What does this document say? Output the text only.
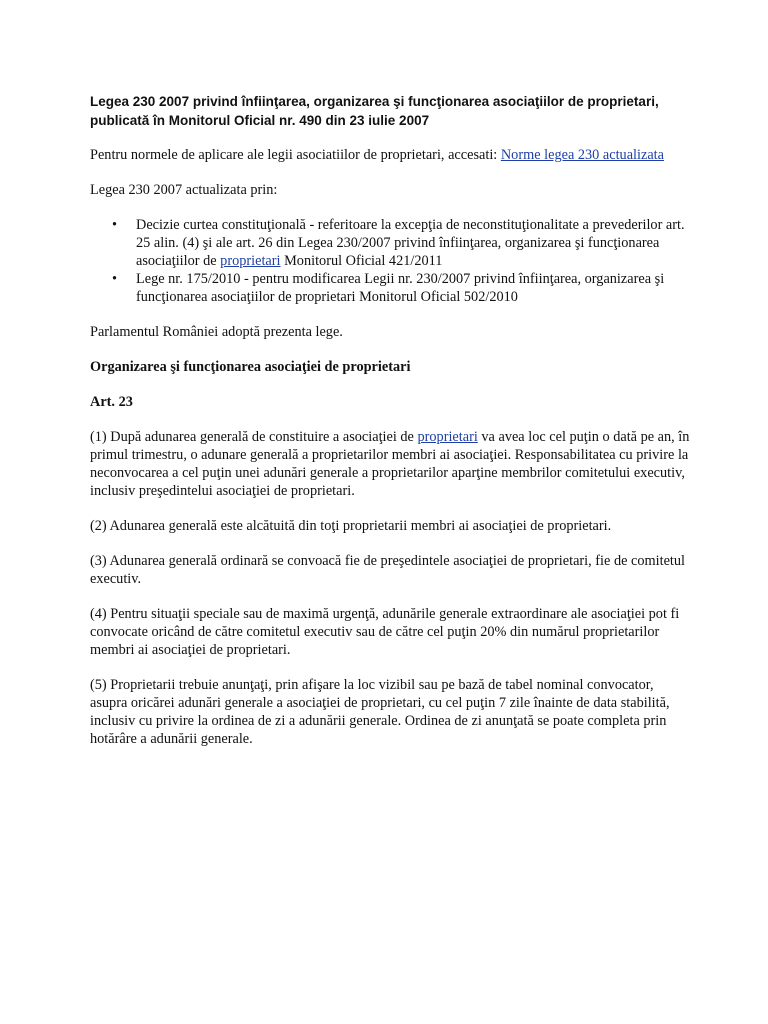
Legea 230 2007 privind înfiinţarea, organizarea şi funcţionarea asociaţiilor de proprietari, publicată în Monitorul Oficial nr. 490 din 23 iulie 2007
Pentru normele de aplicare ale legii asociatiilor de proprietari, accesati: Norme legea 230 actualizata
Legea 230 2007 actualizata prin:
• Decizie curtea constituţională - referitoare la excepţia de neconstituţionalitate a prevederilor art. 25 alin. (4) şi ale art. 26 din Legea 230/2007 privind înfiinţarea, organizarea şi funcţionarea asociaţiilor de proprietari Monitorul Oficial 421/2011
• Lege nr. 175/2010 - pentru modificarea Legii nr. 230/2007 privind înfiinţarea, organizarea şi funcţionarea asociaţiilor de proprietari Monitorul Oficial 502/2010
Parlamentul României adoptă prezenta lege.
Organizarea şi funcţionarea asociaţiei de proprietari
Art. 23
(1) După adunarea generală de constituire a asociaţiei de proprietari va avea loc cel puţin o dată pe an, în primul trimestru, o adunare generală a proprietarilor membri ai asociaţiei. Responsabilitatea cu privire la neconvocarea a cel puţin unei adunări generale a proprietarilor aparţine membrilor comitetului executiv, inclusiv preşedintelui asociaţiei de proprietari.
(2) Adunarea generală este alcătuită din toţi proprietarii membri ai asociaţiei de proprietari.
(3) Adunarea generală ordinară se convoacă fie de preşedintele asociaţiei de proprietari, fie de comitetul executiv.
(4) Pentru situaţii speciale sau de maximă urgenţă, adunările generale extraordinare ale asociaţiei pot fi convocate oricând de către comitetul executiv sau de către cel puţin 20% din numărul proprietarilor membri ai asociaţiei de proprietari.
(5) Proprietarii trebuie anunţaţi, prin afişare la loc vizibil sau pe bază de tabel nominal convocator, asupra oricărei adunări generale a asociaţiei de proprietari, cu cel puţin 7 zile înainte de data stabilită, inclusiv cu privire la ordinea de zi a adunării generale. Ordinea de zi anunţată se poate completa prin hotărâre a adunării generale.
